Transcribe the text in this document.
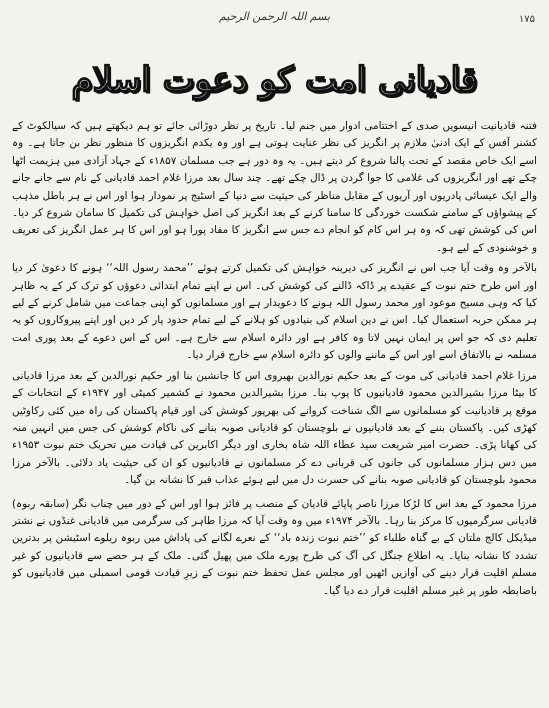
بسم اللہ الرحمن الرحیم	۱۷۵
قادیانی امت کو دعوت اسلام

فتنہ قادیانیت انیسویں صدی کے اختتامی ادوار میں جنم لیا۔ تاریخ پر نظر دوڑائی جائے تو ہم دیکھتے ہیں کہ سیالکوٹ کے کشنر آفس کے ایک ادنیٰ ملازم پر انگریز کی نظر عنایت ہوتی ہے اور وہ یکدم انگریزوں کا منظور نظر بن جاتا ہے۔ وہ اسے ایک خاص مقصد کے تحت پالنا شروع کر دیتے ہیں۔ یہ وہ دور ہے جب مسلمان ۱۸۵۷ء کے جہاد آزادی میں ہزیمت اٹھا چکے تھے اور انگریزوں کی غلامی کا جوا گردن پر ڈال چکے تھے۔ چند سال بعد مرزا غلام احمد قادیانی کے نام سے جانے جانے والے ایک عیسائی پادریوں اور آریوں کے مقابل مناظر کی حیثیت سے دنیا کے اسٹیج پر نمودار ہوا اور اس نے ہر باطل مذہب کے پیشواؤں کے سامنے شکست خوردگی کا سامنا کرنے کے بعد انگریز کی اصل خواہش کی تکمیل کا سامان شروع کر دیا۔ اس کی کوشش تھی کہ وہ ہر اس کام کو انجام دے جس سے انگریز کا مفاد پورا ہو اور اس کا ہر عمل انگریز کی تعریف و خوشنودی کے لیے ہو۔

بالآخر وہ وقت آیا جب اس نے انگریز کی دیرینہ خواہش کی تکمیل کرتے ہوئے ’’محمد رسول اللہ‘‘ ہونے کا دعویٰ کر دیا اور اس طرح ختم نبوت کے عقیدے پر ڈاکہ ڈالنے کی کوشش کی۔ اس نے اپنے تمام ابتدائی دعوؤں کو ترک کر کے یہ ظاہر کیا کہ وہی مسیح موعود اور محمد رسول اللہ ہونے کا دعویدار ہے اور مسلمانوں کو اپنی جماعت میں شامل کرنے کے لیے ہر ممکن حربہ استعمال کیا۔ اس نے دین اسلام کی بنیادوں کو ہلانے کے لیے تمام حدود پار کر دیں اور اپنے پیروکاروں کو یہ تعلیم دی کہ جو اس پر ایمان نہیں لاتا وہ کافر ہے اور دائرہ اسلام سے خارج ہے۔ اس کے اس دعوے کے بعد پوری امت مسلمہ نے بالاتفاق اسے اور اس کے ماننے والوں کو دائرہ اسلام سے خارج قرار دیا۔

مرزا غلام احمد قادیانی کی موت کے بعد حکیم نورالدین بھیروی اس کا جانشین بنا اور حکیم نورالدین کے بعد مرزا قادیانی کا بیٹا مرزا بشیرالدین محمود قادیانیوں کا پوپ بنا۔ مرزا بشیرالدین محمود نے کشمیر کمیٹی اور ۱۹۴۷ء کے انتخابات کے موقع پر قادیانیت کو مسلمانوں سے الگ شناخت کروانے کی بھرپور کوشش کی اور قیام پاکستان کی راہ میں کئی رکاوٹیں کھڑی کیں۔ پاکستان بننے کے بعد قادیانیوں نے بلوچستان کو قادیانی صوبہ بنانے کی ناکام کوشش کی جس میں انہیں منہ کی کھانا پڑی۔ حضرت امیر شریعت سید عطاء اللہ شاہ بخاری اور دیگر اکابرین کی قیادت میں تحریک ختم نبوت ۱۹۵۳ء میں دس ہزار مسلمانوں کی جانوں کی قربانی دے کر مسلمانوں نے قادیانیوں کو ان کی حیثیت یاد دلائی۔ بالآخر مرزا محمود بلوچستان کو قادیانی صوبہ بنانے کی حسرت دل میں لیے ہوئے عذاب قبر کا نشانہ بن گیا۔

مرزا محمود کے بعد اس کا لڑکا مرزا ناصر پاپائے قادیان کے منصب پر فائز ہوا اور اس کے دور میں چناب نگر (سابقہ ربوہ) قادیانی سرگرمیوں کا مرکز بنا رہا۔ بالآخر ۱۹۷۴ء میں وہ وقت آیا کہ مرزا طاہر کی سرگرمی میں قادیانی غنڈوں نے نشتر میڈیکل کالج ملتان کے بے گناہ طلباء کو ’’ختم نبوت زندہ باد‘‘ کے نعرے لگانے کی پاداش میں ربوہ ریلوے اسٹیشن پر بدترین تشدد کا نشانہ بنایا۔ یہ اطلاع جنگل کی آگ کی طرح پورے ملک میں پھیل گئی۔ ملک کے ہر حصے سے قادیانیوں کو غیر مسلم اقلیت قرار دینے کی آوازیں اٹھیں اور مجلس عمل تحفظ ختم نبوت کے زیرِ قیادت قومی اسمبلی میں قادیانیوں کو باضابطہ طور پر غیر مسلم اقلیت قرار دے دیا گیا۔
